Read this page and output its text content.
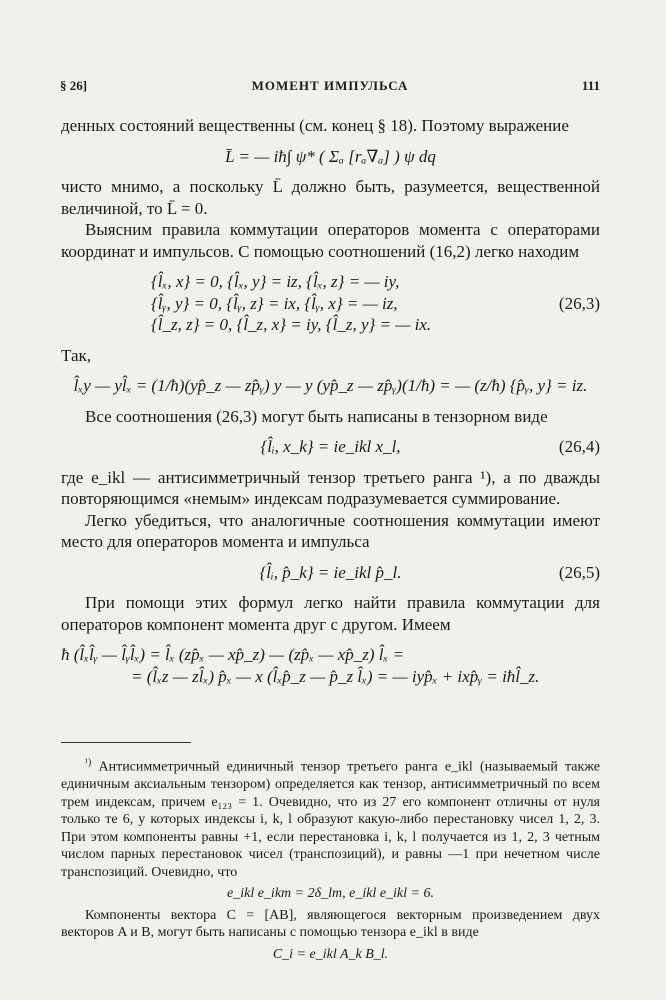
§ 26]	МОМЕНТ ИМПУЛЬСА	111

денных состояний вещественны (см. конец § 18). Поэтому выражение

L̄ = — iħ∫ ψ* ( Σₐ [rₐ∇ₐ] ) ψ dq

чисто мнимо, а поскольку L̄ должно быть, разумеется, вещественной величиной, то L̄ = 0.

Выясним правила коммутации операторов момента с операторами координат и импульсов. С помощью соотношений (16,2) легко находим

{l̂ₓ, x} = 0, {l̂ₓ, y} = iz, {l̂ₓ, z} = — iy,
{l̂ᵧ, y} = 0, {l̂ᵧ, z} = ix, {l̂ᵧ, x} = — iz,
{l̂_z, z} = 0, {l̂_z, x} = iy, {l̂_z, y} = — ix.
(26,3)

Так,

l̂ₓy — yl̂ₓ = (1/ħ)(yp̂_z — zp̂ᵧ) y — y (yp̂_z — zp̂ᵧ)(1/ħ) = — (z/ħ) {p̂ᵧ, y} = iz.

Все соотношения (26,3) могут быть написаны в тензорном виде

{l̂ᵢ, x_k} = ie_ikl x_l,	(26,4)

где e_ikl — антисимметричный тензор третьего ранга ¹), а по дважды повторяющимся «немым» индексам подразумевается суммирование.

Легко убедиться, что аналогичные соотношения коммутации имеют место для операторов момента и импульса

{l̂ᵢ, p̂_k} = ie_ikl p̂_l.	(26,5)

При помощи этих формул легко найти правила коммутации для операторов компонент момента друг с другом. Имеем

ħ (l̂ₓl̂ᵧ — l̂ᵧl̂ₓ) = l̂ₓ (zp̂ₓ — xp̂_z) — (zp̂ₓ — xp̂_z) l̂ₓ =
= (l̂ₓz — zl̂ₓ) p̂ₓ — x (l̂ₓp̂_z — p̂_z l̂ₓ) = — iyp̂ₓ + ixp̂ᵧ = iħl̂_z.

$^{^1)}$ Антисимметричный единичный тензор третьего ранга e_ikl (называемый также единичным аксиальным тензором) определяется как тензор, антисимметричный по всем трем индексам, причем e₁₂₃ = 1. Очевидно, что из 27 его компонент отличны от нуля только те 6, у которых индексы i, k, l образуют какую-либо перестановку чисел 1, 2, 3. При этом компоненты равны +1, если перестановка i, k, l получается из 1, 2, 3 четным числом парных перестановок чисел (транспозиций), и равны —1 при нечетном числе транспозиций. Очевидно, что

e_ikl e_ikm = 2δ_lm, e_ikl e_ikl = 6.

Компоненты вектора C = [AB], являющегося векторным произведением двух векторов A и B, могут быть написаны с помощью тензора e_ikl в виде

C_i = e_ikl A_k B_l.
